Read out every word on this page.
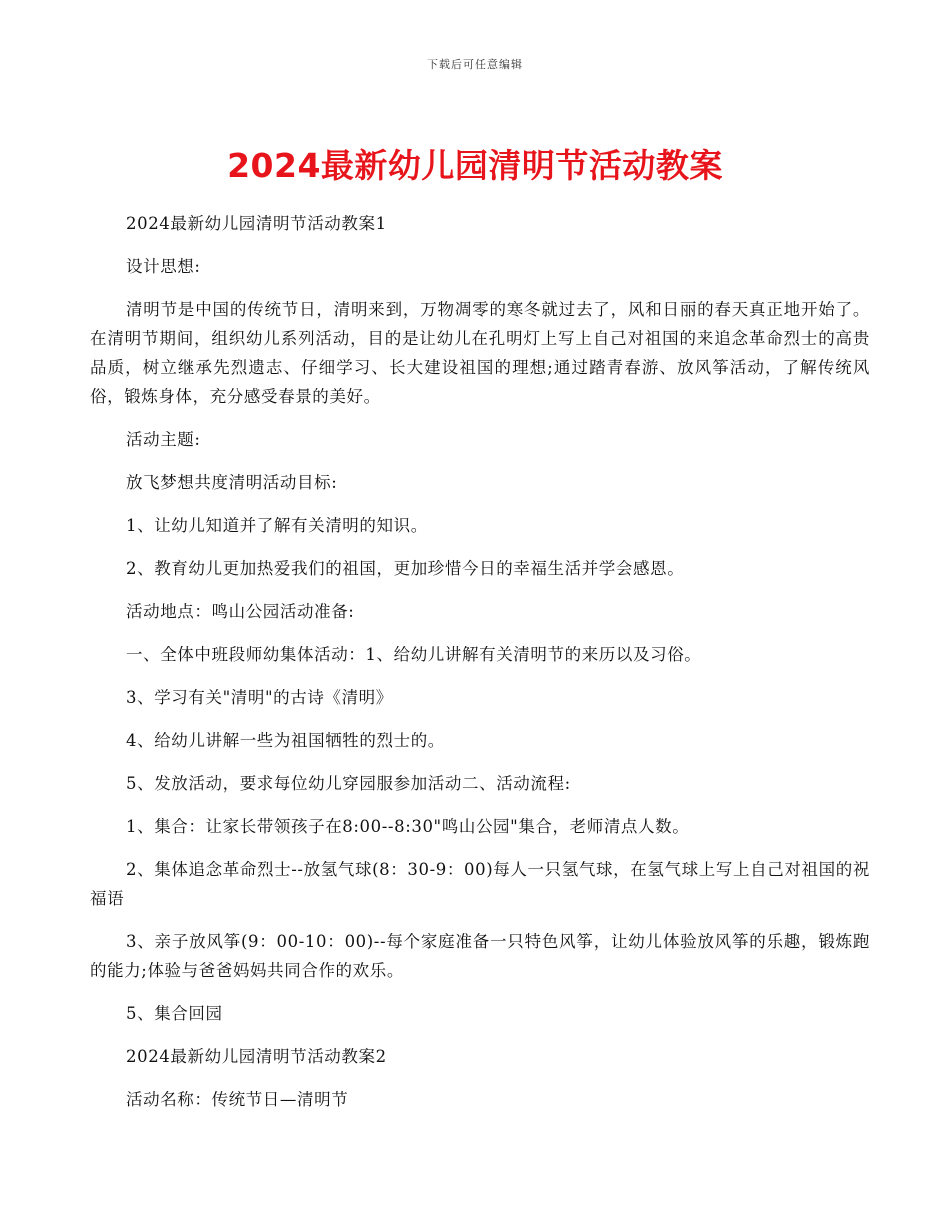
下载后可任意编辑
2024最新幼儿园清明节活动教案

2024最新幼儿园清明节活动教案1

设计思想:

清明节是中国的传统节日，清明来到，万物凋零的寒冬就过去了，风和日丽的春天真正地开始了。在清明节期间，组织幼儿系列活动，目的是让幼儿在孔明灯上写上自己对祖国的来追念革命烈士的高贵品质，树立继承先烈遗志、仔细学习、长大建设祖国的理想;通过踏青春游、放风筝活动，了解传统风俗，锻炼身体，充分感受春景的美好。

活动主题:

放飞梦想共度清明活动目标:

1、让幼儿知道并了解有关清明的知识。

2、教育幼儿更加热爱我们的祖国，更加珍惜今日的幸福生活并学会感恩。

活动地点：鸣山公园活动准备:

一、全体中班段师幼集体活动：1、给幼儿讲解有关清明节的来历以及习俗。

3、学习有关"清明"的古诗《清明》

4、给幼儿讲解一些为祖国牺牲的烈士的。

5、发放活动，要求每位幼儿穿园服参加活动二、活动流程:

1、集合：让家长带领孩子在8:00--8:30"鸣山公园"集合，老师清点人数。

2、集体追念革命烈士--放氢气球(8：30-9：00)每人一只氢气球，在氢气球上写上自己对祖国的祝福语

3、亲子放风筝(9：00-10：00)--每个家庭准备一只特色风筝，让幼儿体验放风筝的乐趣，锻炼跑的能力;体验与爸爸妈妈共同合作的欢乐。

5、集合回园

2024最新幼儿园清明节活动教案2

活动名称：传统节日—清明节
